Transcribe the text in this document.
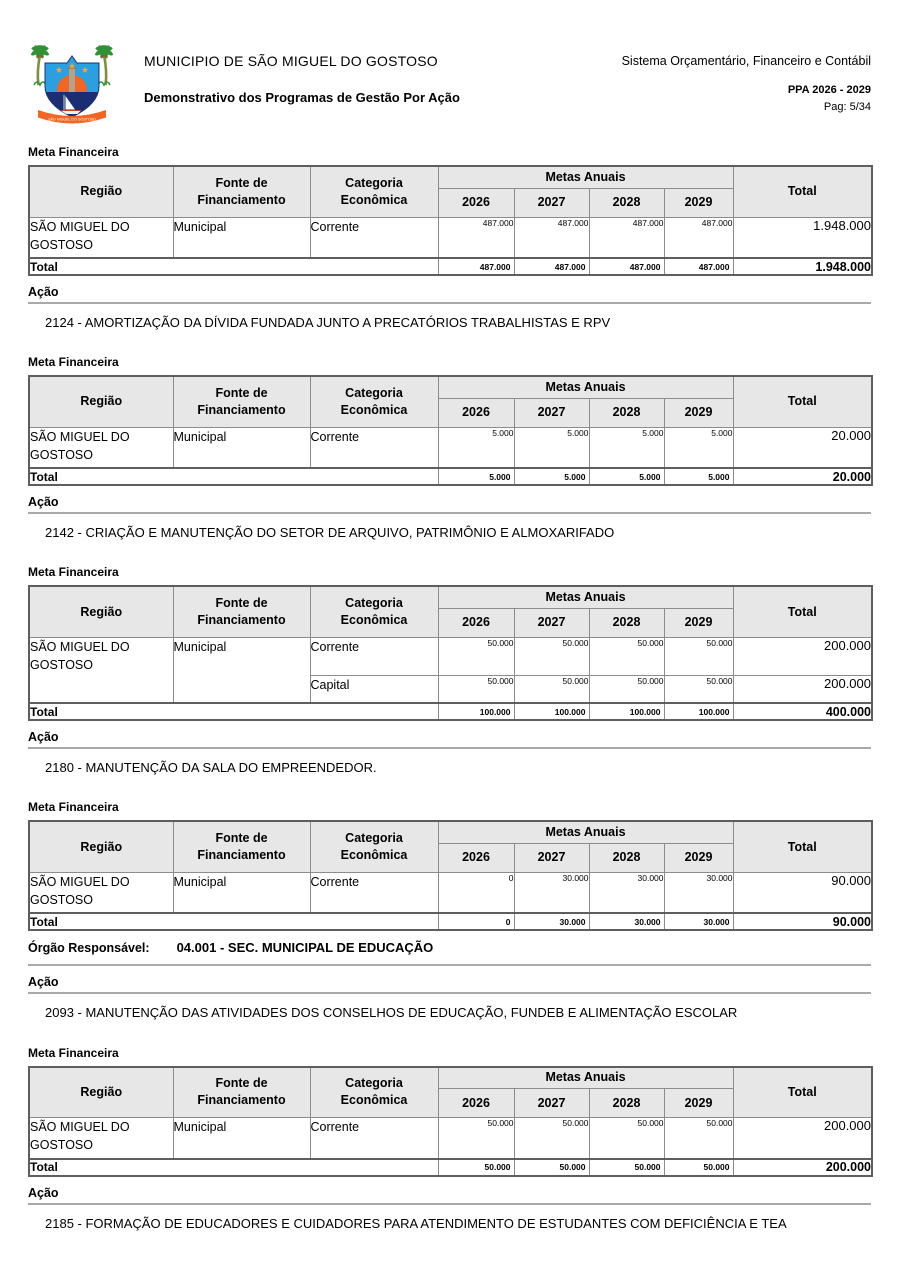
SÃO MIGUEL DO GOSTOSO
MUNICIPIO DE SÃO MIGUEL DO GOSTOSO
Demonstrativo dos Programas de Gestão Por Ação
Sistema Orçamentário, Financeiro e Contábil
PPA 2026 - 2029
Pag: 5/34
Meta Financeira
Região	Fonte de Financiamento	Categoria Econômica	Metas Anuais				Total
			2026	2027	2028	2029	
SÃO MIGUEL DO GOSTOSO	Municipal	Corrente	487.000	487.000	487.000	487.000	1.948.000
Total			487.000	487.000	487.000	487.000	1.948.000
Ação
2124 - AMORTIZAÇÃO DA DÍVIDA FUNDADA JUNTO A PRECATÓRIOS TRABALHISTAS E RPV
Meta Financeira
Região	Fonte de Financiamento	Categoria Econômica	Metas Anuais				Total
			2026	2027	2028	2029	
SÃO MIGUEL DO GOSTOSO	Municipal	Corrente	5.000	5.000	5.000	5.000	20.000
Total			5.000	5.000	5.000	5.000	20.000
Ação
2142 - CRIAÇÃO E MANUTENÇÃO DO SETOR DE ARQUIVO, PATRIMÔNIO E ALMOXARIFADO
Meta Financeira
Região	Fonte de Financiamento	Categoria Econômica	Metas Anuais				Total
			2026	2027	2028	2029	
SÃO MIGUEL DO GOSTOSO	Municipal	Corrente	50.000	50.000	50.000	50.000	200.000
		Capital	50.000	50.000	50.000	50.000	200.000
Total			100.000	100.000	100.000	100.000	400.000
Ação
2180 - MANUTENÇÃO DA SALA DO EMPREENDEDOR.
Meta Financeira
Região	Fonte de Financiamento	Categoria Econômica	Metas Anuais				Total
			2026	2027	2028	2029	
SÃO MIGUEL DO GOSTOSO	Municipal	Corrente	0	30.000	30.000	30.000	90.000
Total			0	30.000	30.000	30.000	90.000
Órgão Responsável: 04.001 - SEC. MUNICIPAL DE EDUCAÇÃO
Ação
2093 - MANUTENÇÃO DAS ATIVIDADES DOS CONSELHOS DE EDUCAÇÃO, FUNDEB E ALIMENTAÇÃO ESCOLAR
Meta Financeira
Região	Fonte de Financiamento	Categoria Econômica	Metas Anuais				Total
			2026	2027	2028	2029	
SÃO MIGUEL DO GOSTOSO	Municipal	Corrente	50.000	50.000	50.000	50.000	200.000
Total			50.000	50.000	50.000	50.000	200.000
Ação
2185 - FORMAÇÃO DE EDUCADORES E CUIDADORES PARA ATENDIMENTO DE ESTUDANTES COM DEFICIÊNCIA E TEA
